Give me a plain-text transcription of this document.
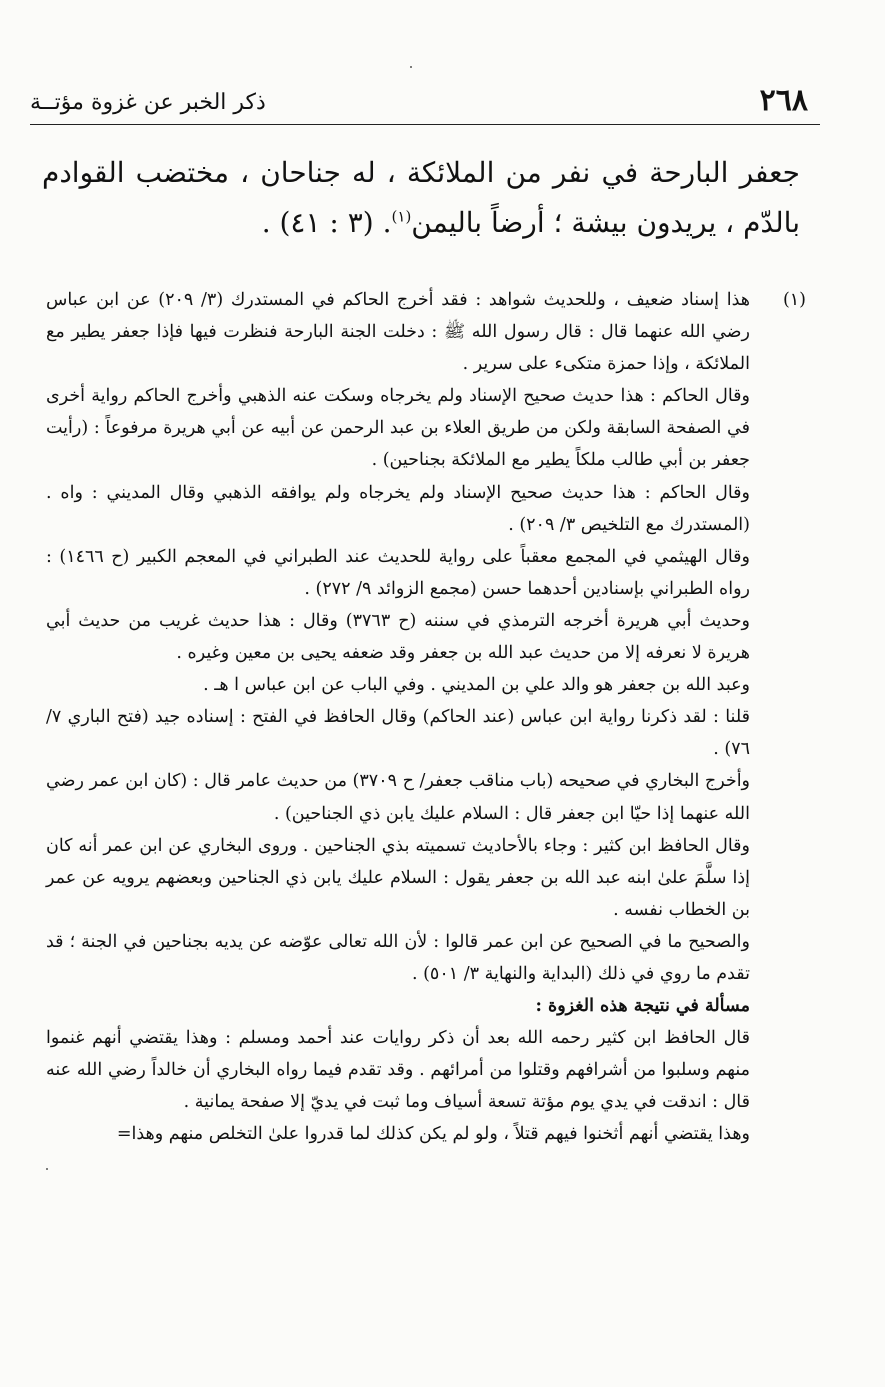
٢٦٨
ذكر الخبر عن غزوة مؤتــة

جعفر البارحة في نفر من الملائكة ، له جناحان ، مختضب القوادم بالدّم ، يريدون بيشة ؛ أرضاً باليمن$^{(١)}$. (٣ : ٤١) .

(١)

هذا إسناد ضعيف ، وللحديث شواهد : فقد أخرج الحاكم في المستدرك (٣/ ٢٠٩) عن ابن عباس رضي الله عنهما قال : قال رسول الله ﷺ : دخلت الجنة البارحة فنظرت فيها فإذا جعفر يطير مع الملائكة ، وإذا حمزة متكىء على سرير .

وقال الحاكم : هذا حديث صحيح الإسناد ولم يخرجاه وسكت عنه الذهبي وأخرج الحاكم رواية أخرى في الصفحة السابقة ولكن من طريق العلاء بن عبد الرحمن عن أبيه عن أبي هريرة مرفوعاً : (رأيت جعفر بن أبي طالب ملكاً يطير مع الملائكة بجناحين) .

وقال الحاكم : هذا حديث صحيح الإسناد ولم يخرجاه ولم يوافقه الذهبي وقال المديني : واه . (المستدرك مع التلخيص ٣/ ٢٠٩) .

وقال الهيثمي في المجمع معقباً على رواية للحديث عند الطبراني في المعجم الكبير (ح ١٤٦٦) : رواه الطبراني بإسنادين أحدهما حسن (مجمع الزوائد ٩/ ٢٧٢) .

وحديث أبي هريرة أخرجه الترمذي في سننه (ح ٣٧٦٣) وقال : هذا حديث غريب من حديث أبي هريرة لا نعرفه إلا من حديث عبد الله بن جعفر وقد ضعفه يحيى بن معين وغيره .

وعبد الله بن جعفر هو والد علي بن المديني . وفي الباب عن ابن عباس ا هـ .

قلنا : لقد ذكرنا رواية ابن عباس (عند الحاكم) وقال الحافظ في الفتح : إسناده جيد (فتح الباري ٧/ ٧٦) .

وأخرج البخاري في صحيحه (باب مناقب جعفر/ ح ٣٧٠٩) من حديث عامر قال : (كان ابن عمر رضي الله عنهما إذا حيّا ابن جعفر قال : السلام عليك يابن ذي الجناحين) .

وقال الحافظ ابن كثير : وجاء بالأحاديث تسميته بذي الجناحين . وروى البخاري عن ابن عمر أنه كان إذا سلَّمَ علىٰ ابنه عبد الله بن جعفر يقول : السلام عليك يابن ذي الجناحين وبعضهم يرويه عن عمر بن الخطاب نفسه .

والصحيح ما في الصحيح عن ابن عمر قالوا : لأن الله تعالى عوّضه عن يديه بجناحين في الجنة ؛ قد تقدم ما روي في ذلك (البداية والنهاية ٣/ ٥٠١) .

مسألة في نتيجة هذه الغزوة :

قال الحافظ ابن كثير رحمه الله بعد أن ذكر روايات عند أحمد ومسلم : وهذا يقتضي أنهم غنموا منهم وسلبوا من أشرافهم وقتلوا من أمرائهم . وقد تقدم فيما رواه البخاري أن خالداً رضي الله عنه قال : اندقت في يدي يوم مؤتة تسعة أسياف وما ثبت في يديّ إلا صفحة يمانية .

وهذا يقتضي أنهم أثخنوا فيهم قتلاً ، ولو لم يكن كذلك لما قدروا علىٰ التخلص منهم وهذا=
